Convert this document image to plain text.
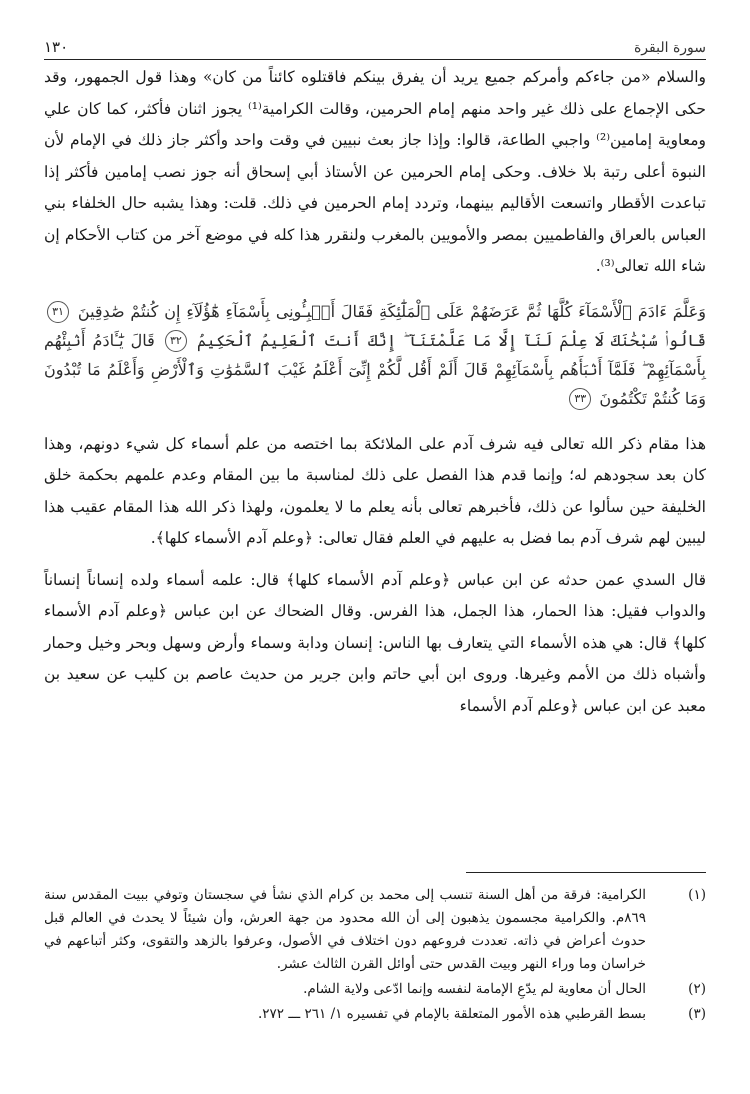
سورة البقرة
١٣٠

والسلام «من جاءكم وأمركم جميع يريد أن يفرق بينكم فاقتلوه كائناً من كان» وهذا قول الجمهور، وقد حكى الإجماع على ذلك غير واحد منهم إمام الحرمين، وقالت الكرامية⁽¹⁾ يجوز اثنان فأكثر، كما كان علي ومعاوية إمامين⁽²⁾ واجبي الطاعة، قالوا: وإذا جاز بعث نبيين في وقت واحد وأكثر جاز ذلك في الإمام لأن النبوة أعلى رتبة بلا خلاف. وحكى إمام الحرمين عن الأستاذ أبي إسحاق أنه جوز نصب إمامين فأكثر إذا تباعدت الأقطار واتسعت الأقاليم بينهما، وتردد إمام الحرمين في ذلك. قلت: وهذا يشبه حال الخلفاء بني العباس بالعراق والفاطميين بمصر والأمويين بالمغرب ولنقرر هذا كله في موضع آخر من كتاب الأحكام إن شاء الله تعالى⁽³⁾.

وَعَلَّمَ ءَادَمَ ٱلْأَسْمَآءَ كُلَّهَا ثُمَّ عَرَضَهُمْ عَلَى ٱلْمَلَٰٓئِكَةِ فَقَالَ أَنۢبِـُٔونِى بِأَسْمَآءِ هَٰٓؤُلَآءِ إِن كُنتُمْ صَٰدِقِينَ ٣١ قَالُوا۟ سُبْحَٰنَكَ لَا عِلْمَ لَنَآ إِلَّا مَا عَلَّمْتَنَآ ۖ إِنَّكَ أَنتَ ٱلْعَلِيمُ ٱلْحَكِيمُ ٣٢ قَالَ يَٰٓـَٔادَمُ أَنۢبِئْهُم بِأَسْمَآئِهِمْ ۖ فَلَمَّآ أَنۢبَأَهُم بِأَسْمَآئِهِمْ قَالَ أَلَمْ أَقُل لَّكُمْ إِنِّىٓ أَعْلَمُ غَيْبَ ٱلسَّمَٰوَٰتِ وَٱلْأَرْضِ وَأَعْلَمُ مَا تُبْدُونَ وَمَا كُنتُمْ تَكْتُمُونَ ٣٣

هذا مقام ذكر الله تعالى فيه شرف آدم على الملائكة بما اختصه من علم أسماء كل شيء دونهم، وهذا كان بعد سجودهم له؛ وإنما قدم هذا الفصل على ذلك لمناسبة ما بين المقام وعدم علمهم بحكمة خلق الخليفة حين سألوا عن ذلك، فأخبرهم تعالى بأنه يعلم ما لا يعلمون، ولهذا ذكر الله هذا المقام عقيب هذا ليبين لهم شرف آدم بما فضل به عليهم في العلم فقال تعالى: ﴿وعلم آدم الأسماء كلها﴾.

قال السدي عمن حدثه عن ابن عباس ﴿وعلم آدم الأسماء كلها﴾ قال: علمه أسماء ولده إنساناً إنساناً والدواب فقيل: هذا الحمار، هذا الجمل، هذا الفرس. وقال الضحاك عن ابن عباس ﴿وعلم آدم الأسماء كلها﴾ قال: هي هذه الأسماء التي يتعارف بها الناس: إنسان ودابة وسماء وأرض وسهل وبحر وخيل وحمار وأشباه ذلك من الأمم وغيرها. وروى ابن أبي حاتم وابن جرير من حديث عاصم بن كليب عن سعيد بن معبد عن ابن عباس ﴿وعلم آدم الأسماء

(١)
الكرامية: فرقة من أهل السنة تنسب إلى محمد بن كرام الذي نشأ في سجستان وتوفي ببيت المقدس سنة ٨٦٩م. والكرامية مجسمون يذهبون إلى أن الله محدود من جهة العرش، وأن شيئاً لا يحدث في العالم قبل حدوث أعراض في ذاته. تعددت فروعهم دون اختلاف في الأصول، وعرفوا بالزهد والتقوى، وكثر أتباعهم في خراسان وما وراء النهر وبيت القدس حتى أوائل القرن الثالث عشر.
(٢)
الحال أن معاوية لم يدّعِ الإمامة لنفسه وإنما ادّعى ولاية الشام.
(٣)
بسط القرطبي هذه الأمور المتعلقة بالإمام في تفسيره ١/ ٢٦١ ـــ ٢٧٢.
